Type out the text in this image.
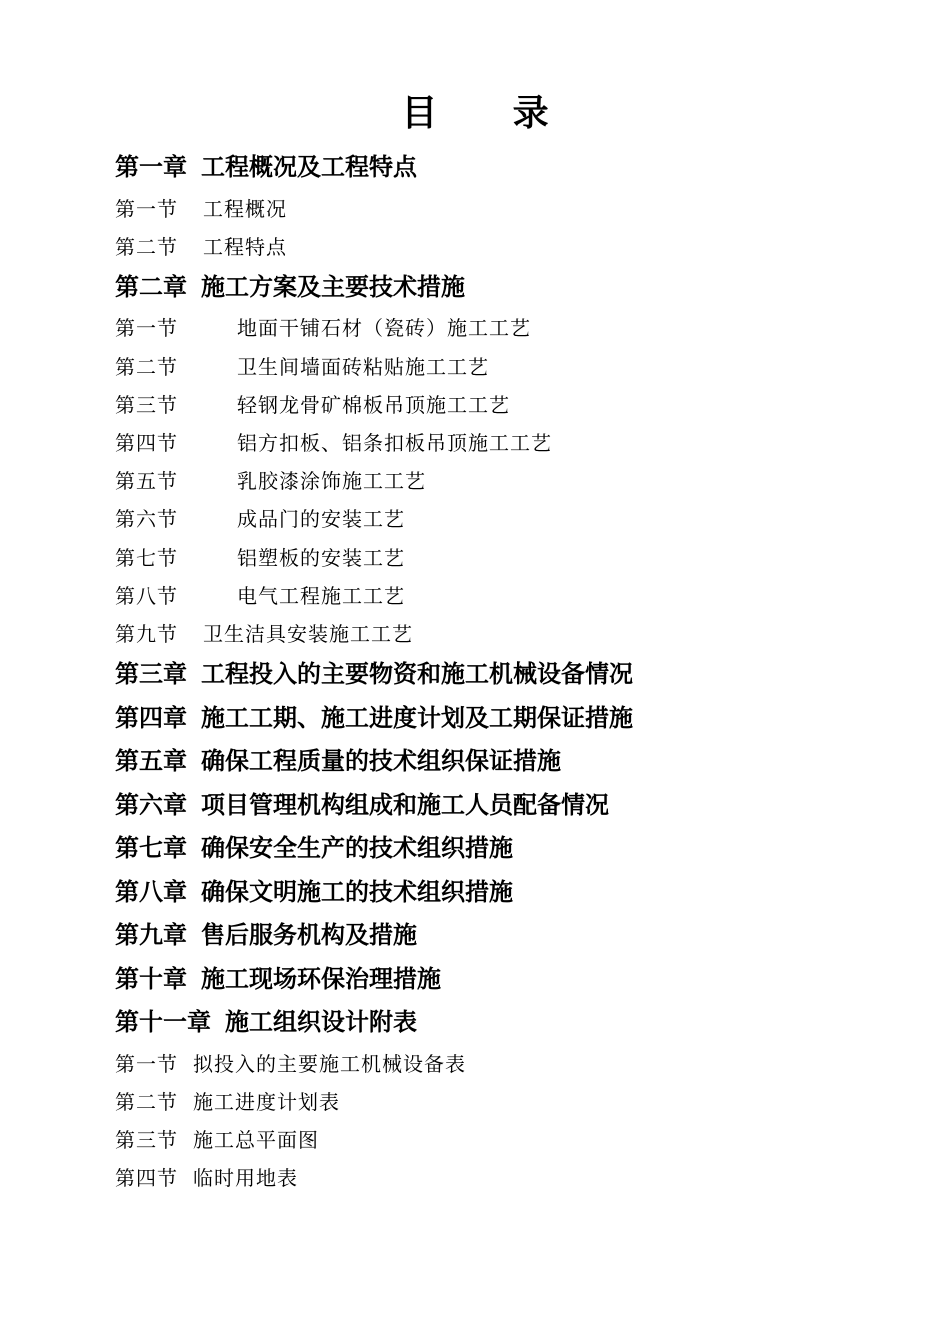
目      录
第一章 工程概况及工程特点
第一节 工程概况
第二节 工程特点
第二章 施工方案及主要技术措施
第一节	地面干铺石材（瓷砖）施工工艺
第二节	卫生间墙面砖粘贴施工工艺
第三节	轻钢龙骨矿棉板吊顶施工工艺
第四节	铝方扣板、铝条扣板吊顶施工工艺
第五节	乳胶漆涂饰施工工艺
第六节	成品门的安装工艺
第七节	铝塑板的安装工艺
第八节	电气工程施工工艺
第九节 卫生洁具安装施工工艺
第三章 工程投入的主要物资和施工机械设备情况
第四章 施工工期、施工进度计划及工期保证措施
第五章 确保工程质量的技术组织保证措施
第六章 项目管理机构组成和施工人员配备情况
第七章 确保安全生产的技术组织措施
第八章 确保文明施工的技术组织措施
第九章 售后服务机构及措施
第十章 施工现场环保治理措施
第十一章 施工组织设计附表
第一节 拟投入的主要施工机械设备表
第二节 施工进度计划表
第三节 施工总平面图
第四节 临时用地表
